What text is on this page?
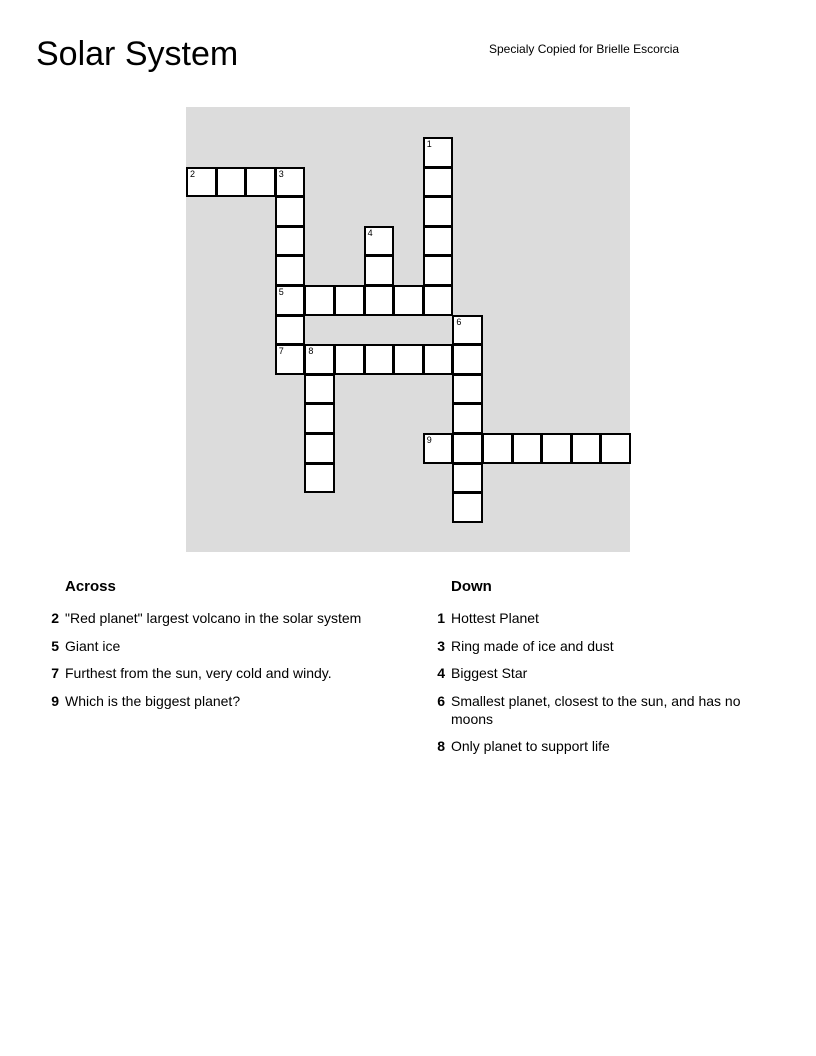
Solar System	Specialy Copied for Brielle Escorcia
2	3
5
7	8
9
1
4
6
Across
2 "Red planet" largest volcano in the solar system
5 Giant ice
7 Furthest from the sun, very cold and windy.
9 Which is the biggest planet?
Down
1 Hottest Planet
3 Ring made of ice and dust
4 Biggest Star
6 Smallest planet, closest to the sun, and has no moons
8 Only planet to support life
